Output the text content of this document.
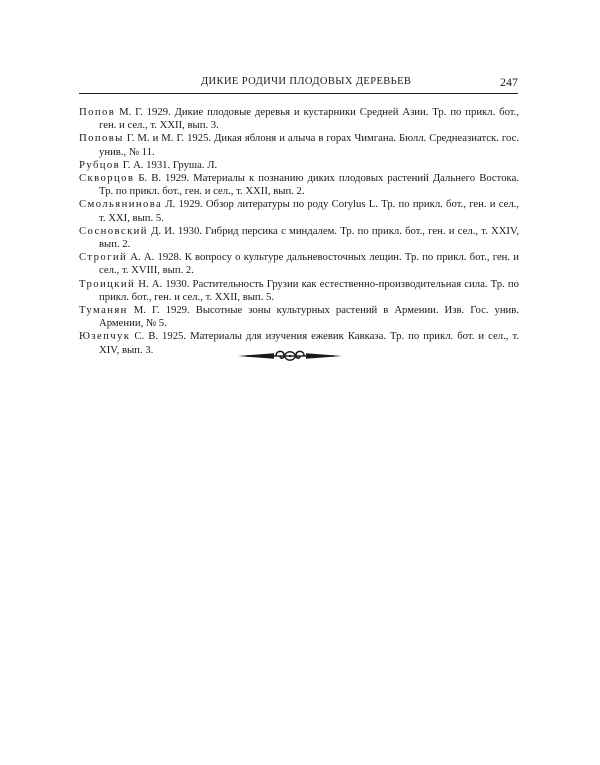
ДИКИЕ РОДИЧИ ПЛОДОВЫХ ДЕРЕВЬЕВ	247

Попов М. Г. 1929. Дикие плодовые деревья и кустарники Средней Азии. Тр. по прикл. бот., ген. и сел., т. XXII, вып. 3.

Поповы Г. М. и М. Г. 1925. Дикая яблоня и алыча в горах Чимгана. Бюлл. Среднеазиатск. гос. унив., № 11.

Рубцов Г. А. 1931. Груша. Л.

Скворцов Б. В. 1929. Материалы к познанию диких плодовых растений Дальнего Востока. Тр. по прикл. бот., ген. и сел., т. XXII, вып. 2.

Смольянинова Л. 1929. Обзор литературы по роду Corylus L. Тр. по прикл. бот., ген. и сел., т. XXI, вып. 5.

Сосновский Д. И. 1930. Гибрид персика с миндалем. Тр. по прикл. бот., ген. и сел., т. XXIV, вып. 2.

Строгий А. А. 1928. К вопросу о культуре дальневосточных лещин. Тр. по прикл. бот., ген. и сел., т. XVIII, вып. 2.

Троицкий Н. А. 1930. Растительность Грузии как естественно-производительная сила. Тр. по прикл. бот., ген. и сел., т. XXII, вып. 5.

Туманян М. Г. 1929. Высотные зоны культурных растений в Армении. Изв. Гос. унив. Армении, № 5.

Юзепчук С. В. 1925. Материалы для изучения ежевик Кавказа. Тр. по прикл. бот. и сел., т. XIV, вып. 3.
